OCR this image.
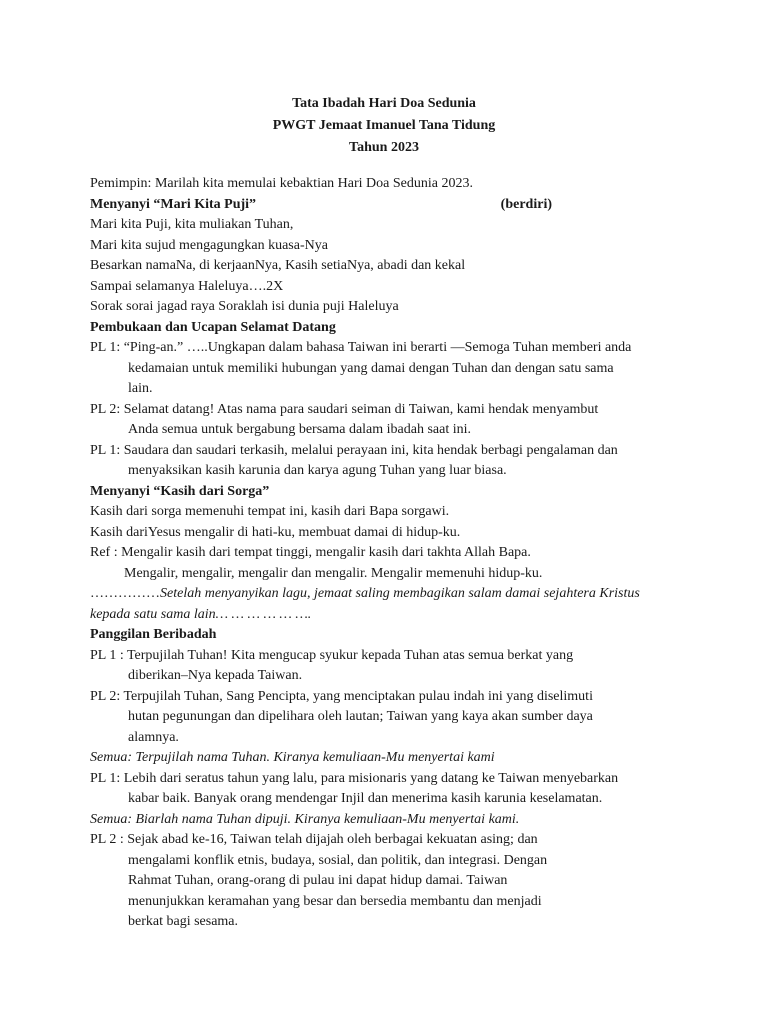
Tata Ibadah Hari Doa Sedunia
PWGT Jemaat Imanuel Tana Tidung
Tahun 2023
Pemimpin: Marilah kita memulai kebaktian Hari Doa Sedunia 2023.
Menyanyi “Mari Kita Puji”	(berdiri)
Mari kita Puji, kita muliakan Tuhan,
Mari kita sujud mengagungkan kuasa-Nya
Besarkan namaNa, di kerjaanNya, Kasih setiaNya, abadi dan kekal
Sampai selamanya Haleluya….2X
Sorak sorai jagad raya Soraklah isi dunia puji Haleluya
Pembukaan dan Ucapan Selamat Datang
PL 1: “Ping-an.” …..Ungkapan dalam bahasa Taiwan ini berarti —Semoga Tuhan memberi anda
kedamaian untuk memiliki hubungan yang damai dengan Tuhan dan dengan satu sama
lain.
PL 2: Selamat datang! Atas nama para saudari seiman di Taiwan, kami hendak menyambut
Anda semua untuk bergabung bersama dalam ibadah saat ini.
PL 1: Saudara dan saudari terkasih, melalui perayaan ini, kita hendak berbagi pengalaman dan
menyaksikan kasih karunia dan karya agung Tuhan yang luar biasa.
Menyanyi “Kasih dari Sorga”
Kasih dari sorga memenuhi tempat ini, kasih dari Bapa sorgawi.
Kasih dariYesus mengalir di hati-ku, membuat damai di hidup-ku.
Ref : Mengalir kasih dari tempat tinggi, mengalir kasih dari takhta Allah Bapa.
Mengalir, mengalir, mengalir dan mengalir. Mengalir memenuhi hidup-ku.
……………Setelah menyanyikan lagu, jemaat saling membagikan salam damai sejahtera Kristus
kepada satu sama lain… … … … … ….
Panggilan Beribadah
PL 1 : Terpujilah Tuhan! Kita mengucap syukur kepada Tuhan atas semua berkat yang
diberikan–Nya kepada Taiwan.
PL 2: Terpujilah Tuhan, Sang Pencipta, yang menciptakan pulau indah ini yang diselimuti
hutan pegunungan dan dipelihara oleh lautan; Taiwan yang kaya akan sumber daya
alamnya.
Semua: Terpujilah nama Tuhan. Kiranya kemuliaan-Mu menyertai kami
PL 1: Lebih dari seratus tahun yang lalu, para misionaris yang datang ke Taiwan menyebarkan
kabar baik. Banyak orang mendengar Injil dan menerima kasih karunia keselamatan.
Semua: Biarlah nama Tuhan dipuji. Kiranya kemuliaan-Mu menyertai kami.
PL 2 : Sejak abad ke-16, Taiwan telah dijajah oleh berbagai kekuatan asing; dan
mengalami konflik etnis, budaya, sosial, dan politik, dan integrasi. Dengan
Rahmat Tuhan, orang-orang di pulau ini dapat hidup damai. Taiwan
menunjukkan keramahan yang besar dan bersedia membantu dan menjadi
berkat bagi sesama.
